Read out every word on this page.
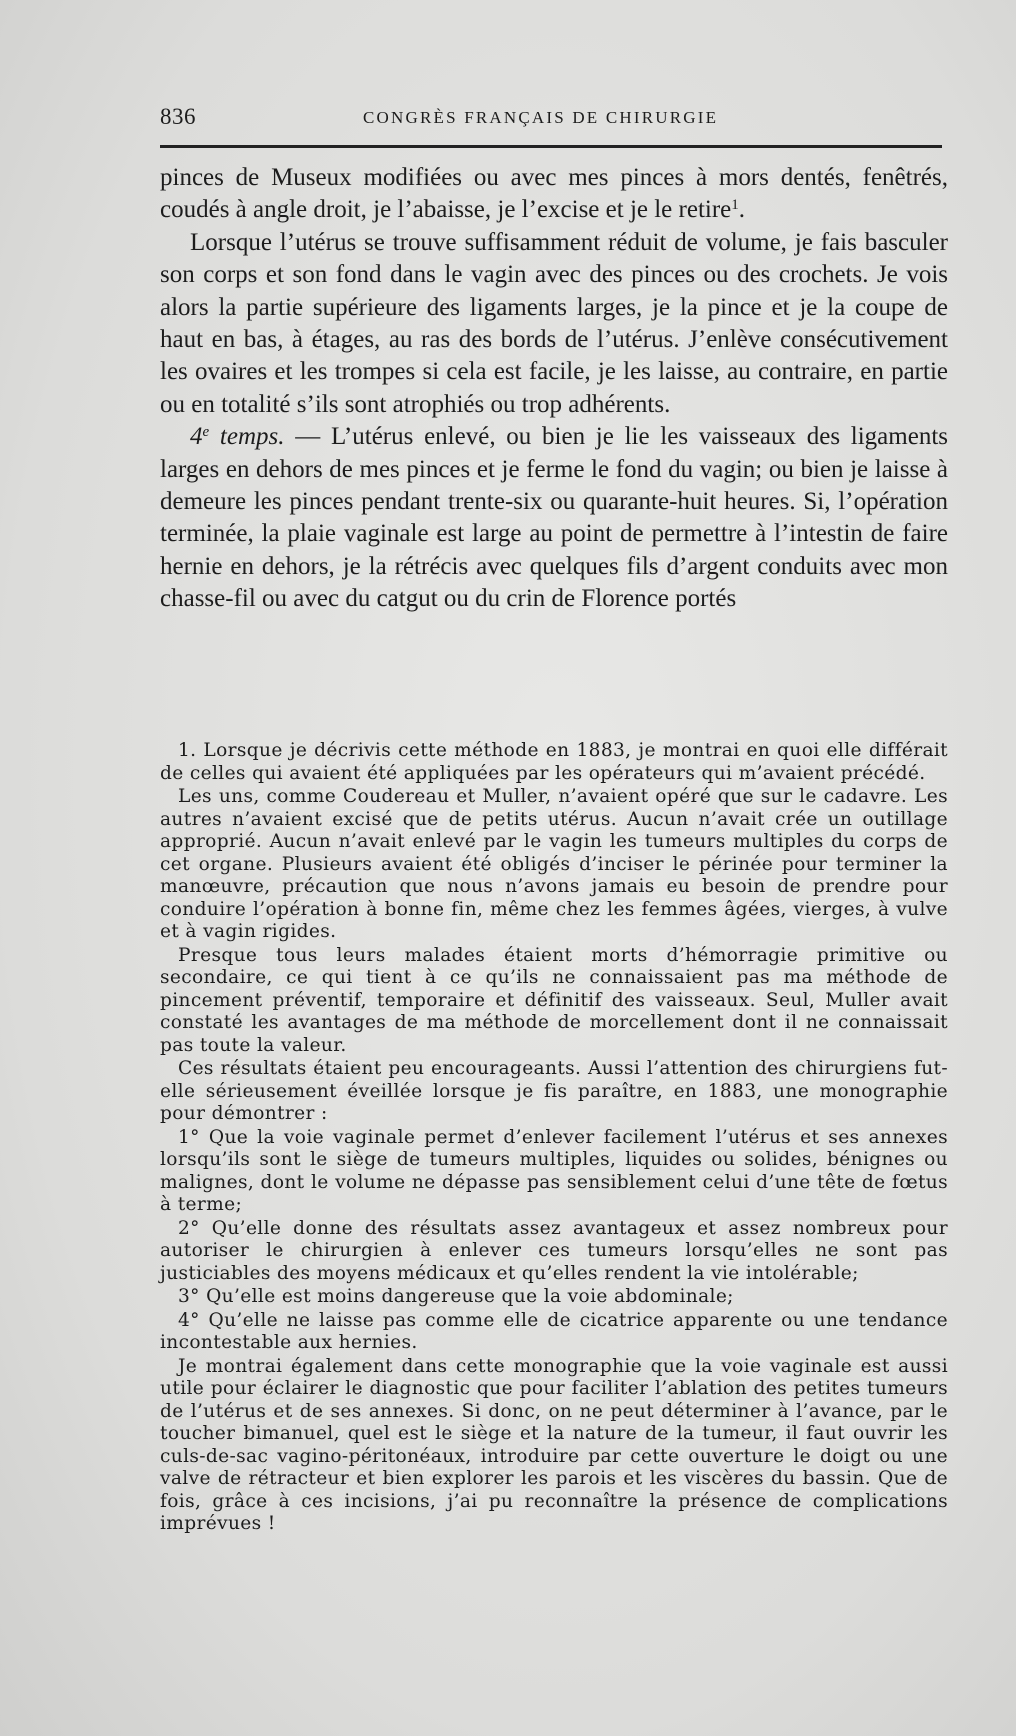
836	CONGRÈS FRANÇAIS DE CHIRURGIE

pinces de Museux modifiées ou avec mes pinces à mors dentés, fenêtrés, coudés à angle droit, je l’abaisse, je l’excise et je le retire$^1$.

Lorsque l’utérus se trouve suffisamment réduit de volume, je fais basculer son corps et son fond dans le vagin avec des pinces ou des crochets. Je vois alors la partie supérieure des ligaments larges, je la pince et je la coupe de haut en bas, à étages, au ras des bords de l’utérus. J’enlève consécutivement les ovaires et les trompes si cela est facile, je les laisse, au contraire, en partie ou en totalité s’ils sont atrophiés ou trop adhérents.

4e temps. — L’utérus enlevé, ou bien je lie les vaisseaux des ligaments larges en dehors de mes pinces et je ferme le fond du vagin; ou bien je laisse à demeure les pinces pendant trente-six ou quarante-huit heures. Si, l’opération terminée, la plaie vaginale est large au point de permettre à l’intestin de faire hernie en dehors, je la rétrécis avec quelques fils d’argent conduits avec mon chasse-fil ou avec du catgut ou du crin de Florence portés

1. Lorsque je décrivis cette méthode en 1883, je montrai en quoi elle différait de celles qui avaient été appliquées par les opérateurs qui m’avaient précédé.

Les uns, comme Coudereau et Muller, n’avaient opéré que sur le cadavre. Les autres n’avaient excisé que de petits utérus. Aucun n’avait crée un outillage approprié. Aucun n’avait enlevé par le vagin les tumeurs multiples du corps de cet organe. Plusieurs avaient été obligés d’inciser le périnée pour terminer la manœuvre, précaution que nous n’avons jamais eu besoin de prendre pour conduire l’opération à bonne fin, même chez les femmes âgées, vierges, à vulve et à vagin rigides.

Presque tous leurs malades étaient morts d’hémorragie primitive ou secondaire, ce qui tient à ce qu’ils ne connaissaient pas ma méthode de pincement préventif, temporaire et définitif des vaisseaux. Seul, Muller avait constaté les avantages de ma méthode de morcellement dont il ne connaissait pas toute la valeur.

Ces résultats étaient peu encourageants. Aussi l’attention des chirurgiens fut-elle sérieusement éveillée lorsque je fis paraître, en 1883, une monographie pour démontrer :

1° Que la voie vaginale permet d’enlever facilement l’utérus et ses annexes lorsqu’ils sont le siège de tumeurs multiples, liquides ou solides, bénignes ou malignes, dont le volume ne dépasse pas sensiblement celui d’une tête de fœtus à terme;

2° Qu’elle donne des résultats assez avantageux et assez nombreux pour autoriser le chirurgien à enlever ces tumeurs lorsqu’elles ne sont pas justiciables des moyens médicaux et qu’elles rendent la vie intolérable;

3° Qu’elle est moins dangereuse que la voie abdominale;

4° Qu’elle ne laisse pas comme elle de cicatrice apparente ou une tendance incontestable aux hernies.

Je montrai également dans cette monographie que la voie vaginale est aussi utile pour éclairer le diagnostic que pour faciliter l’ablation des petites tumeurs de l’utérus et de ses annexes. Si donc, on ne peut déterminer à l’avance, par le toucher bimanuel, quel est le siège et la nature de la tumeur, il faut ouvrir les culs-de-sac vagino-péritonéaux, introduire par cette ouverture le doigt ou une valve de rétracteur et bien explorer les parois et les viscères du bassin. Que de fois, grâce à ces incisions, j’ai pu reconnaître la présence de complications imprévues !
